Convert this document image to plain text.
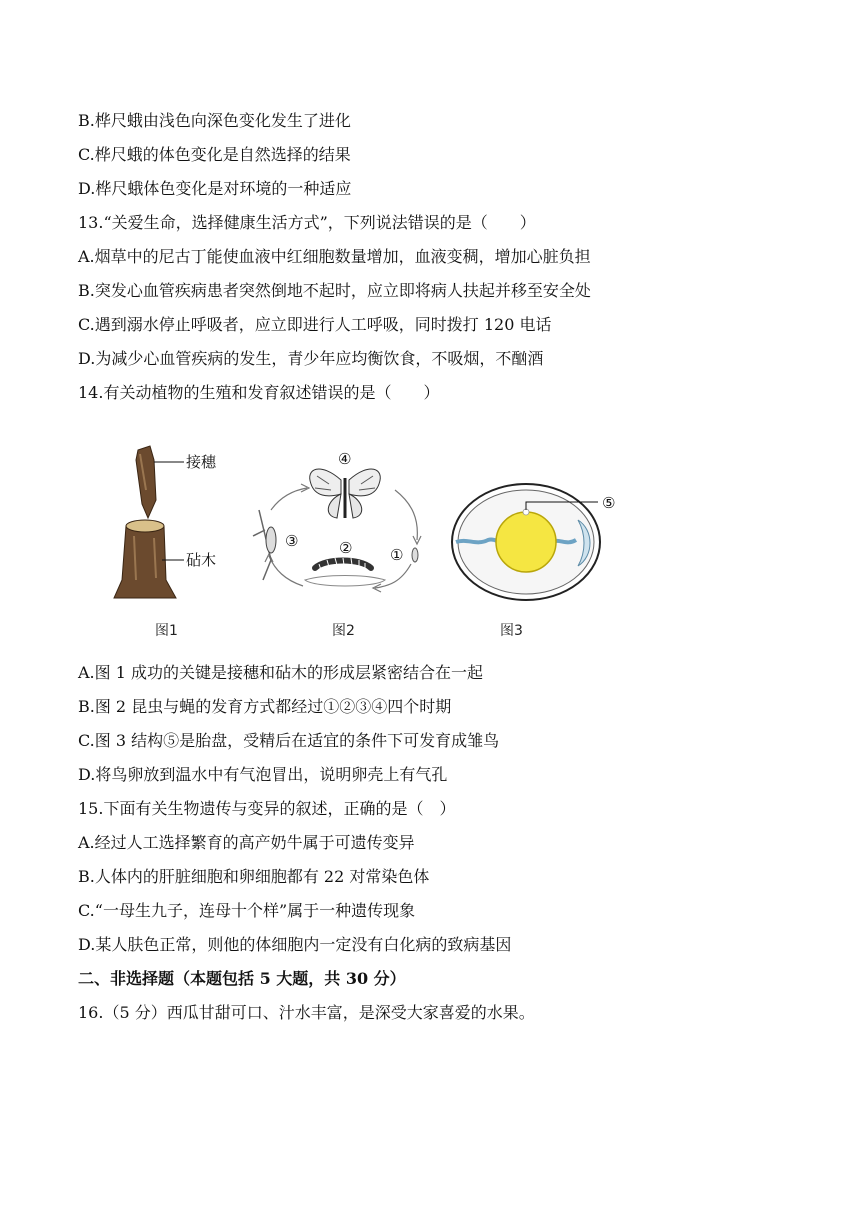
B.桦尺蛾由浅色向深色变化发生了进化
C.桦尺蛾的体色变化是自然选择的结果
D.桦尺蛾体色变化是对环境的一种适应
13.“关爱生命，选择健康生活方式”，下列说法错误的是（　　）
A.烟草中的尼古丁能使血液中红细胞数量增加，血液变稠，增加心脏负担
B.突发心血管疾病患者突然倒地不起时，应立即将病人扶起并移至安全处
C.遇到溺水停止呼吸者，应立即进行人工呼吸，同时拨打 120 电话
D.为减少心血管疾病的发生，青少年应均衡饮食，不吸烟，不酗酒
14.有关动植物的生殖和发育叙述错误的是（　　）
接穗
砧木
图1
④
①
②
③
图2
⑤
图3
A.图 1 成功的关键是接穗和砧木的形成层紧密结合在一起
B.图 2 昆虫与蝇的发育方式都经过①②③④四个时期
C.图 3 结构⑤是胎盘，受精后在适宜的条件下可发育成雏鸟
D.将鸟卵放到温水中有气泡冒出，说明卵壳上有气孔
15.下面有关生物遗传与变异的叙述，正确的是（　）
A.经过人工选择繁育的高产奶牛属于可遗传变异
B.人体内的肝脏细胞和卵细胞都有 22 对常染色体
C.“一母生九子，连母十个样”属于一种遗传现象
D.某人肤色正常，则他的体细胞内一定没有白化病的致病基因
二、非选择题（本题包括 5 大题，共 30 分）
16.（5 分）西瓜甘甜可口、汁水丰富，是深受大家喜爱的水果。
